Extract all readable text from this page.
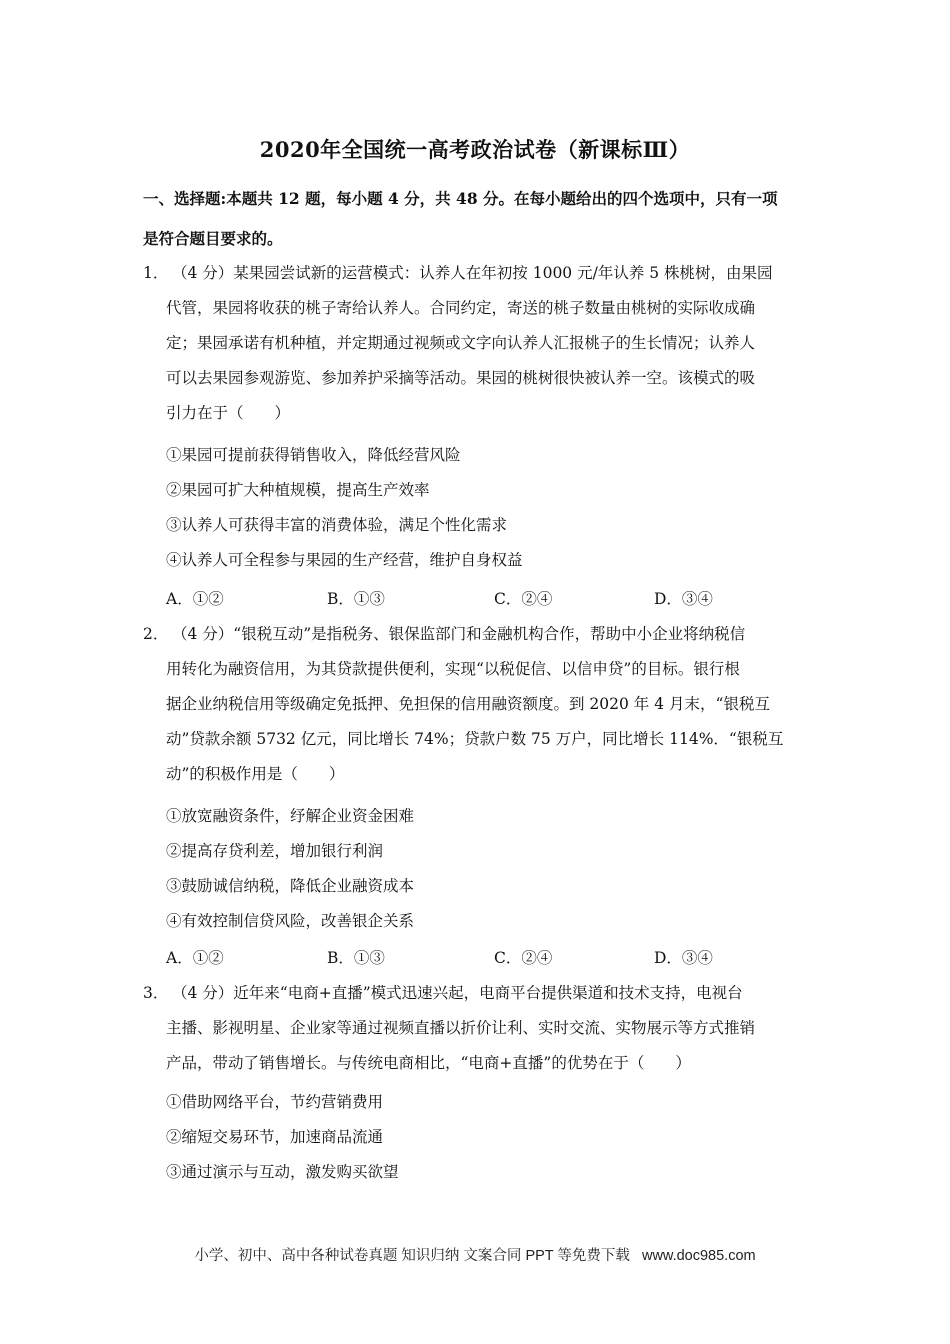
2020年全国统一高考政治试卷（新课标Ⅲ）
一、选择题:本题共 12 题，每小题 4 分，共 48 分。在每小题给出的四个选项中，只有一项
是符合题目要求的。
1． （4 分）某果园尝试新的运营模式：认养人在年初按 1000 元/年认养 5 株桃树，由果园
代管，果园将收获的桃子寄给认养人。合同约定，寄送的桃子数量由桃树的实际收成确
定；果园承诺有机种植，并定期通过视频或文字向认养人汇报桃子的生长情况；认养人
可以去果园参观游览、参加养护采摘等活动。果园的桃树很快被认养一空。该模式的吸
引力在于（　　）
①果园可提前获得销售收入，降低经营风险
②果园可扩大种植规模，提高生产效率
③认养人可获得丰富的消费体验，满足个性化需求
④认养人可全程参与果园的生产经营，维护自身权益
A．①②	B．①③	C．②④	D．③④
2． （4 分）“银税互动”是指税务、银保监部门和金融机构合作，帮助中小企业将纳税信
用转化为融资信用，为其贷款提供便利，实现“以税促信、以信申贷”的目标。银行根
据企业纳税信用等级确定免抵押、免担保的信用融资额度。到 2020 年 4 月末，“银税互
动”贷款余额 5732 亿元，同比增长 74%；贷款户数 75 万户，同比增长 114%．“银税互
动”的积极作用是（　　）
①放宽融资条件，纾解企业资金困难
②提高存贷利差，增加银行利润
③鼓励诚信纳税，降低企业融资成本
④有效控制信贷风险，改善银企关系
A．①②	B．①③	C．②④	D．③④
3． （4 分）近年来“电商+直播”模式迅速兴起，电商平台提供渠道和技术支持，电视台
主播、影视明星、企业家等通过视频直播以折价让利、实时交流、实物展示等方式推销
产品，带动了销售增长。与传统电商相比，“电商+直播”的优势在于（　　）
①借助网络平台，节约营销费用
②缩短交易环节，加速商品流通
③通过演示与互动，激发购买欲望
小学、初中、高中各种试卷真题 知识归纳 文案合同 PPT 等免费下载 www.doc985.com
